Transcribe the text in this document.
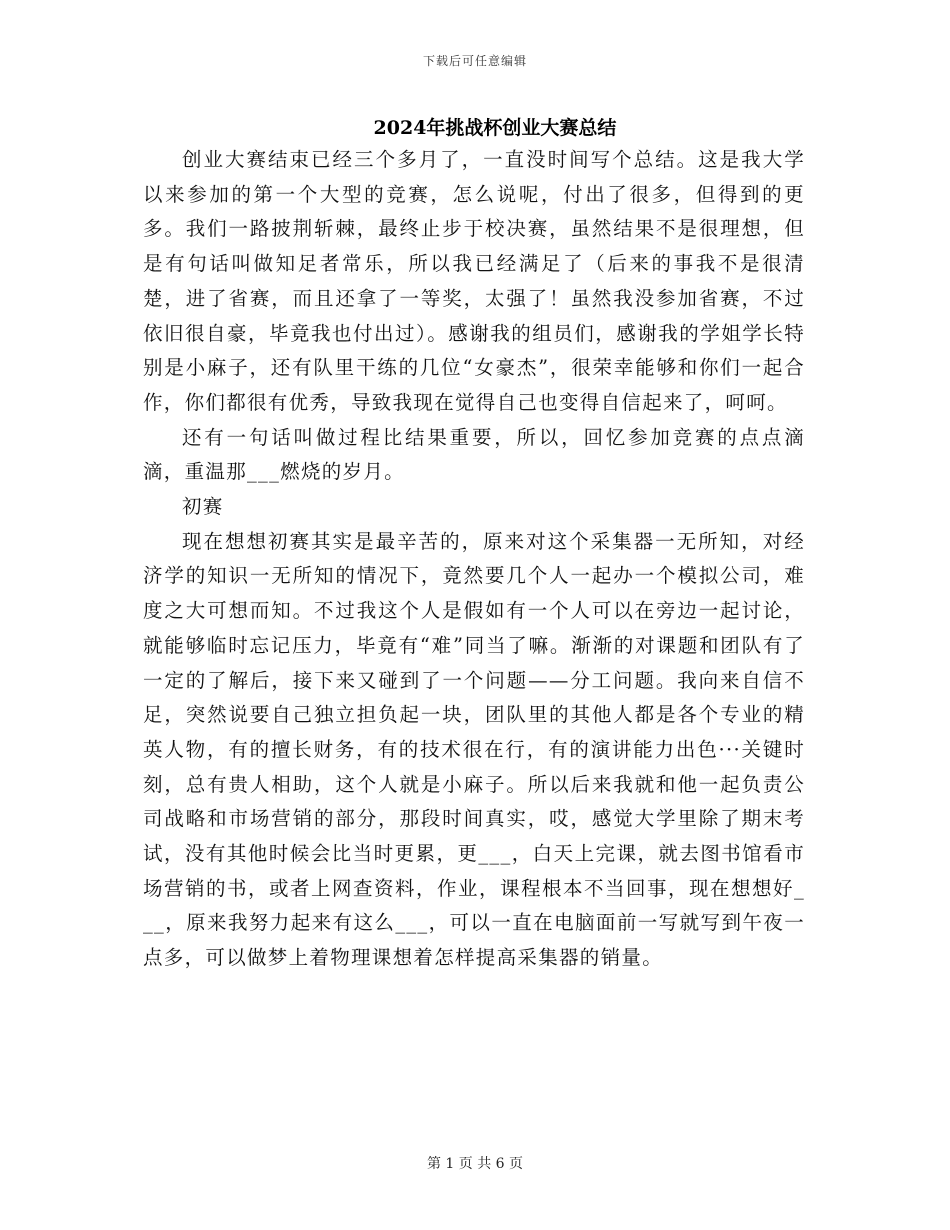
下载后可任意编辑
2024年挑战杯创业大赛总结

创业大赛结束已经三个多月了，一直没时间写个总结。这是我大学以来参加的第一个大型的竞赛，怎么说呢，付出了很多，但得到的更多。我们一路披荆斩棘，最终止步于校决赛，虽然结果不是很理想，但是有句话叫做知足者常乐，所以我已经满足了（后来的事我不是很清楚，进了省赛，而且还拿了一等奖，太强了！虽然我没参加省赛，不过依旧很自豪，毕竟我也付出过）。感谢我的组员们，感谢我的学姐学长特别是小麻子，还有队里干练的几位“女豪杰”，很荣幸能够和你们一起合作，你们都很有优秀，导致我现在觉得自己也变得自信起来了，呵呵。

还有一句话叫做过程比结果重要，所以，回忆参加竞赛的点点滴滴，重温那___燃烧的岁月。

初赛

现在想想初赛其实是最辛苦的，原来对这个采集器一无所知，对经济学的知识一无所知的情况下，竟然要几个人一起办一个模拟公司，难度之大可想而知。不过我这个人是假如有一个人可以在旁边一起讨论，就能够临时忘记压力，毕竟有“难”同当了嘛。渐渐的对课题和团队有了一定的了解后，接下来又碰到了一个问题——分工问题。我向来自信不足，突然说要自己独立担负起一块，团队里的其他人都是各个专业的精英人物，有的擅长财务，有的技术很在行，有的演讲能力出色···关键时刻，总有贵人相助，这个人就是小麻子。所以后来我就和他一起负责公司战略和市场营销的部分，那段时间真实，哎，感觉大学里除了期末考试，没有其他时候会比当时更累，更___，白天上完课，就去图书馆看市场营销的书，或者上网查资料，作业，课程根本不当回事，现在想想好___，原来我努力起来有这么___，可以一直在电脑面前一写就写到午夜一点多，可以做梦上着物理课想着怎样提高采集器的销量。

第 1 页 共 6 页
